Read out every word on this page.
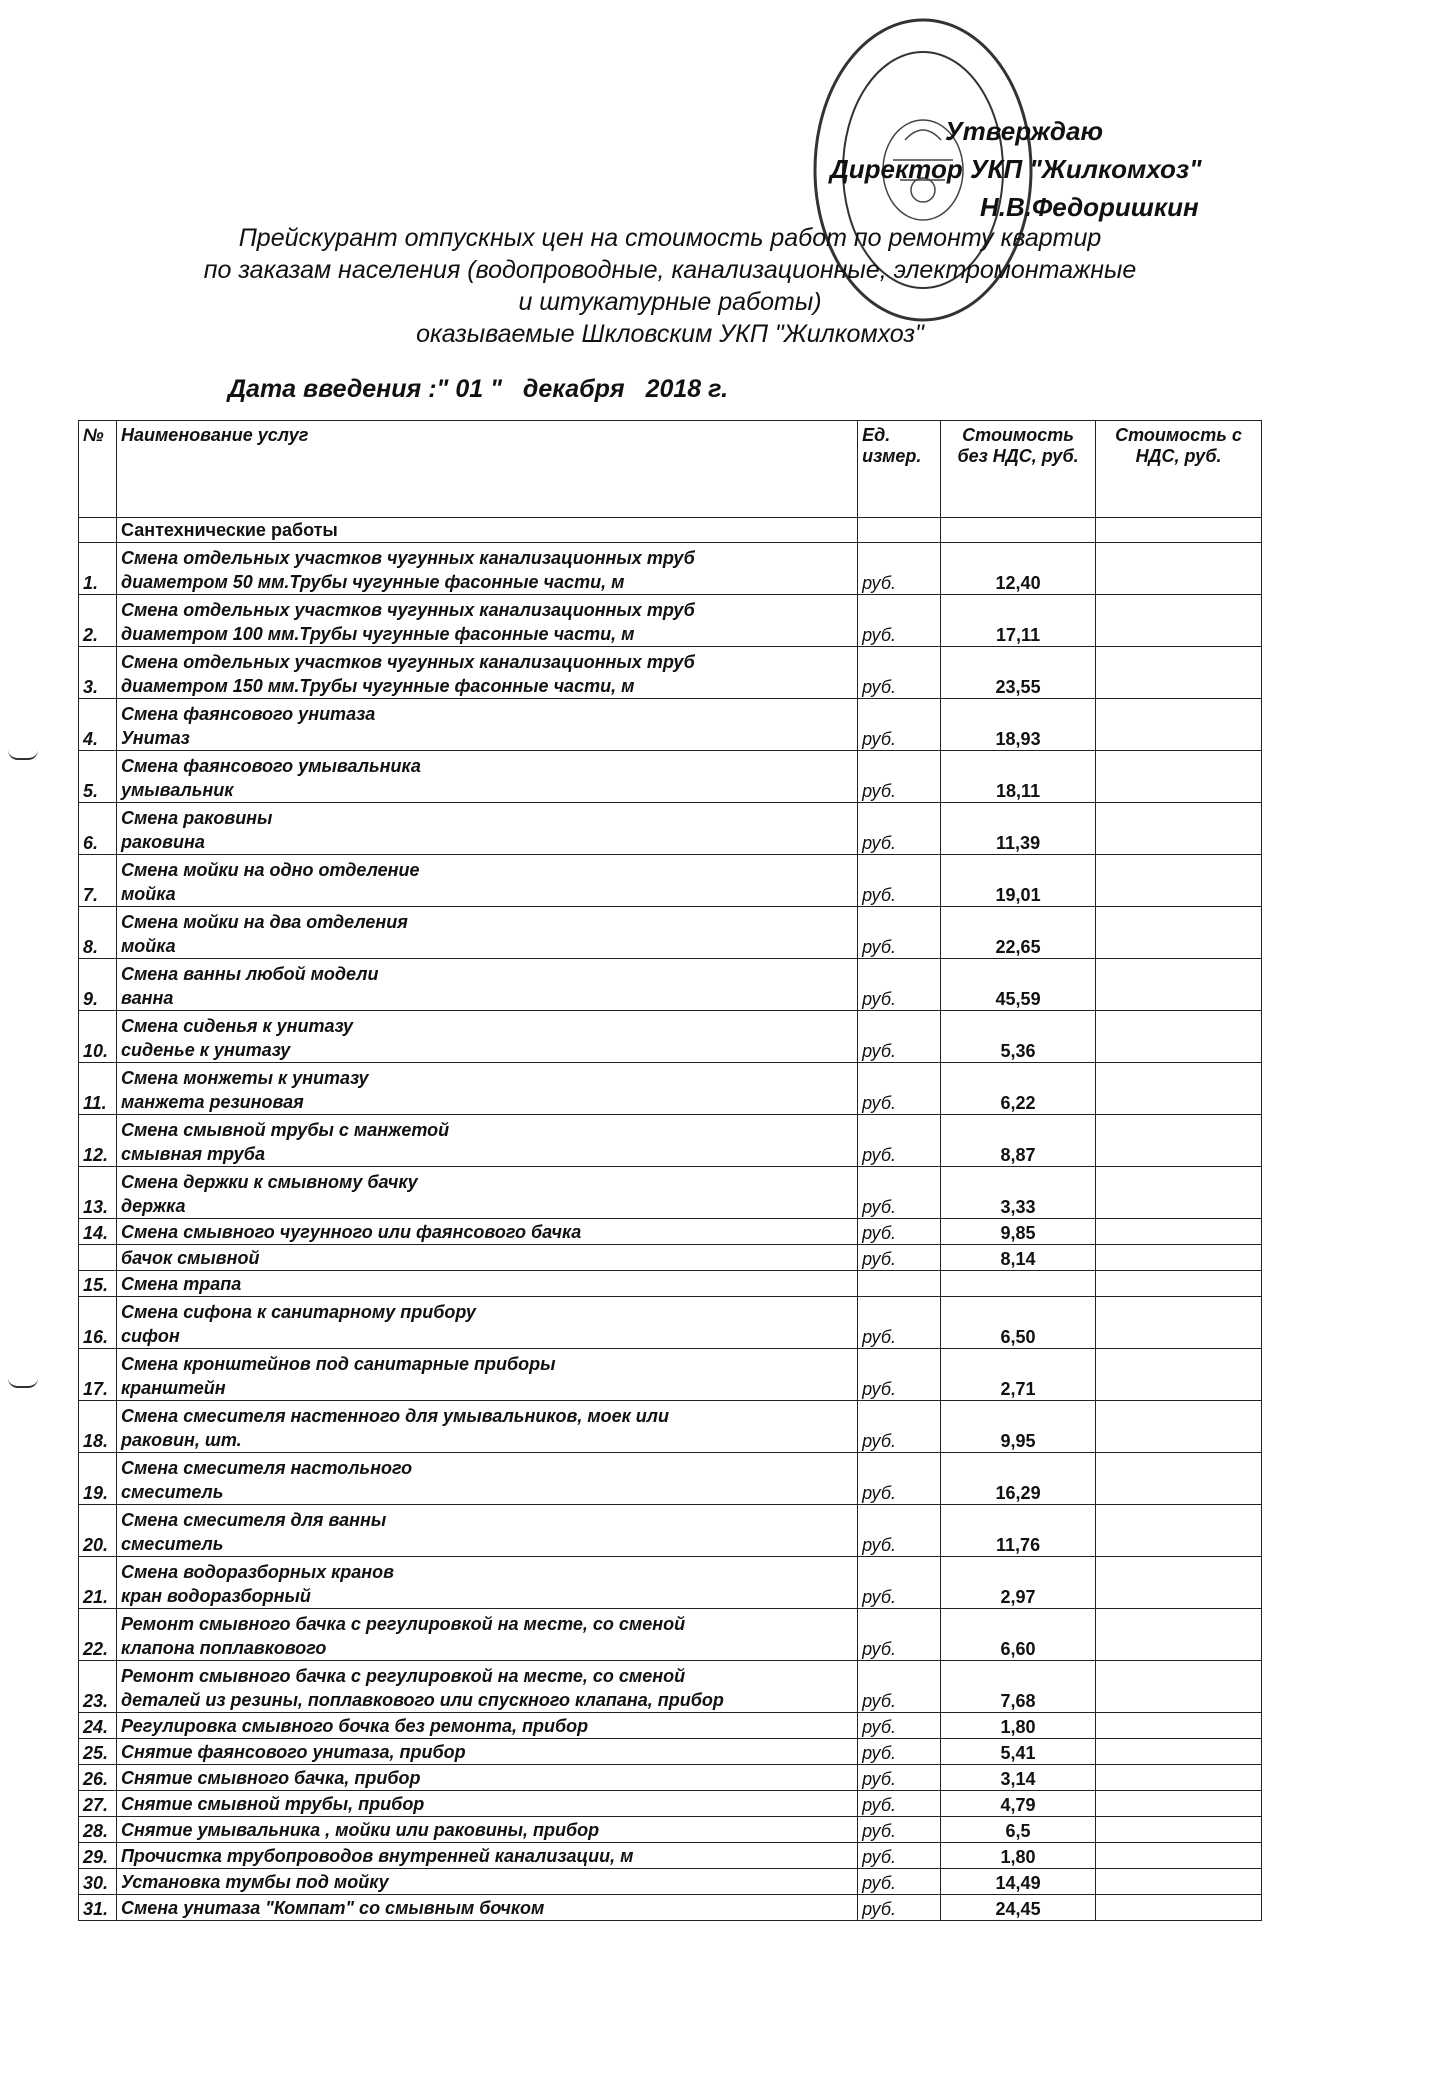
Утверждаю
Директор УКП "Жилкомхоз"
Н.В.Федоришкин
Прейскурант отпускных цен на стоимость работ по ремонту квартир
по заказам населения (водопроводные, канализационные, электромонтажные
и штукатурные работы)
оказываемые Шкловским УКП "Жилкомхоз"
Дата введения :" 01 " декабря 2018 г.
№	Наименование услуг	Ед. измер.	Стоимость без НДС, руб.	Стоимость с НДС, руб.
	Сантехнические работы			
1.	Смена отдельных участков чугунных канализационных труб
диаметром 50 мм.Трубы чугунные фасонные части, м	руб.	12,40	
2.	Смена отдельных участков чугунных канализационных труб
диаметром 100 мм.Трубы чугунные фасонные части, м	руб.	17,11	
3.	Смена отдельных участков чугунных канализационных труб
диаметром 150 мм.Трубы чугунные фасонные части, м	руб.	23,55	
4.	Смена фаянсового унитаза
Унитаз	руб.	18,93	
5.	Смена фаянсового умывальника
умывальник	руб.	18,11	
6.	Смена раковины
раковина	руб.	11,39	
7.	Смена мойки на одно отделение
мойка	руб.	19,01	
8.	Смена мойки на два отделения
мойка	руб.	22,65	
9.	Смена ванны любой модели
ванна	руб.	45,59	
10.	Смена сиденья к унитазу
сиденье к унитазу	руб.	5,36	
11.	Смена монжеты к унитазу
манжета резиновая	руб.	6,22	
12.	Смена смывной трубы с манжетой
смывная труба	руб.	8,87	
13.	Смена держки к смывному бачку
держка	руб.	3,33	
14.	Смена смывного чугунного или фаянсового бачка	руб.	9,85	

	бачок смывной	руб.	8,14	
15.	Смена трапа			

16.	Смена сифона к санитарному прибору
сифон	руб.	6,50	
17.	Смена кронштейнов под санитарные приборы
кранштейн	руб.	2,71	
18.	Смена смесителя настенного для умывальников, моек или
раковин, шт.	руб.	9,95	
19.	Смена смесителя настольного
смеситель	руб.	16,29	
20.	Смена смесителя для ванны
смеситель	руб.	11,76	
21.	Смена водоразборных кранов
кран водоразборный	руб.	2,97	
22.	Ремонт смывного бачка с регулировкой на месте, со сменой
клапона поплавкового	руб.	6,60	
23.	Ремонт смывного бачка с регулировкой на месте, со сменой
деталей из резины, поплавкового или спускного клапана, прибор	руб.	7,68	
24.	Регулировка смывного бочка без ремонта, прибор	руб.	1,80	
25.	Снятие фаянсового унитаза, прибор	руб.	5,41	
26.	Снятие смывного бачка, прибор	руб.	3,14	
27.	Снятие смывной трубы, прибор	руб.	4,79	
28.	Снятие умывальника , мойки или раковины, прибор	руб.	6,5	
29.	Прочистка трубопроводов внутренней канализации, м	руб.	1,80	
30.	Установка тумбы под мойку	руб.	14,49	
31.	Смена унитаза "Компат" со смывным бочком	руб.	24,45	
